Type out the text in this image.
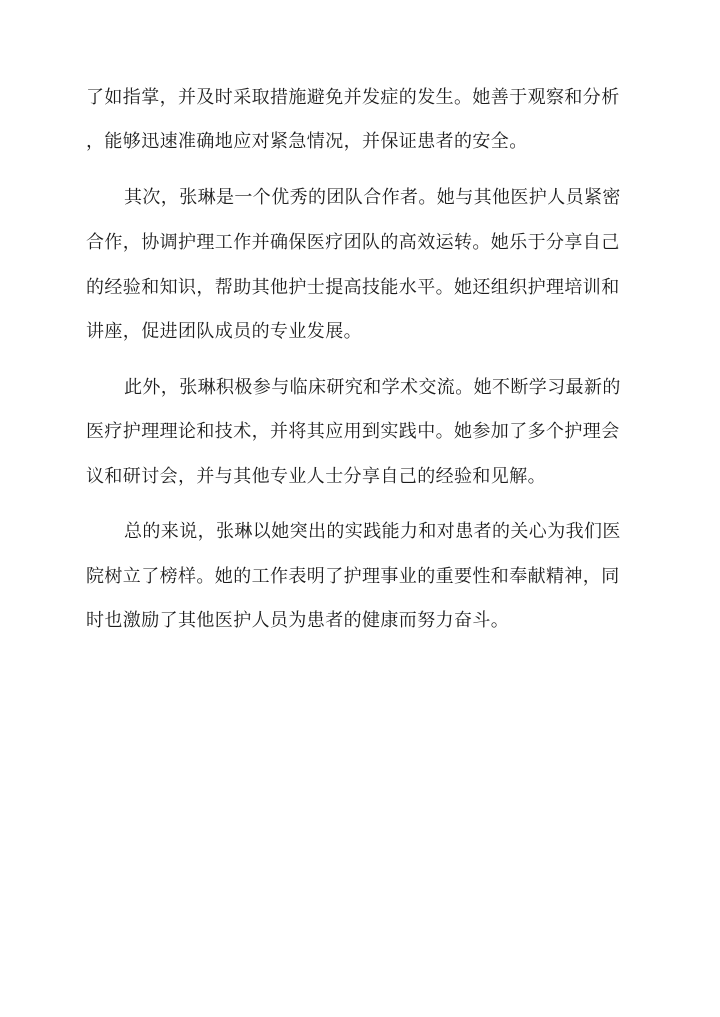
了如指掌，并及时采取措施避免并发症的发生。她善于观察和分析
，能够迅速准确地应对紧急情况，并保证患者的安全。
其次，张琳是一个优秀的团队合作者。她与其他医护人员紧密
合作，协调护理工作并确保医疗团队的高效运转。她乐于分享自己
的经验和知识，帮助其他护士提高技能水平。她还组织护理培训和
讲座，促进团队成员的专业发展。
此外，张琳积极参与临床研究和学术交流。她不断学习最新的
医疗护理理论和技术，并将其应用到实践中。她参加了多个护理会
议和研讨会，并与其他专业人士分享自己的经验和见解。
总的来说，张琳以她突出的实践能力和对患者的关心为我们医
院树立了榜样。她的工作表明了护理事业的重要性和奉献精神，同
时也激励了其他医护人员为患者的健康而努力奋斗。
